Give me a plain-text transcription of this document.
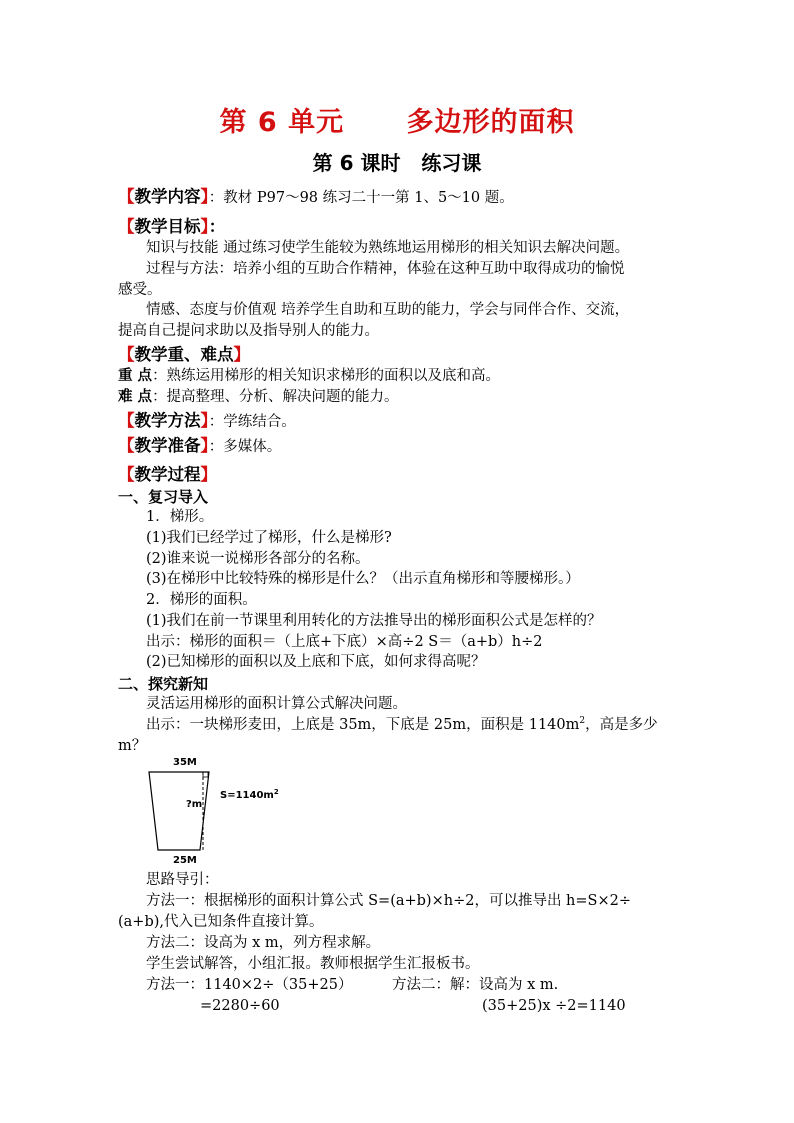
第 6 单元      多边形的面积
第 6 课时   练习课
【教学内容】：教材 P97～98 练习二十一第 1、5～10 题。
【教学目标】：
知识与技能 通过练习使学生能较为熟练地运用梯形的相关知识去解决问题。
过程与方法：培养小组的互助合作精神，体验在这种互助中取得成功的愉悦
感受。
情感、态度与价值观 培养学生自助和互助的能力，学会与同伴合作、交流，
提高自己提问求助以及指导别人的能力。
【教学重、难点】
重 点：熟练运用梯形的相关知识求梯形的面积以及底和高。
难 点：提高整理、分析、解决问题的能力。
【教学方法】：学练结合。
【教学准备】：多媒体。
【教学过程】
一、复习导入
1．梯形。
(1)我们已经学过了梯形，什么是梯形?
(2)谁来说一说梯形各部分的名称。
(3)在梯形中比较特殊的梯形是什么？（出示直角梯形和等腰梯形。）
2．梯形的面积。
(1)我们在前一节课里利用转化的方法推导出的梯形面积公式是怎样的？
出示：梯形的面积＝（上底+下底）×高÷2 S＝（a+b）h÷2
(2)已知梯形的面积以及上底和下底，如何求得高呢？
二、探究新知
灵活运用梯形的面积计算公式解决问题。
出示：一块梯形麦田，上底是 35m，下底是 25m，面积是 $1140m^2$，高是多少
m？
35M
?m
$S=1140m^2$
25M
思路导引：
方法一：根据梯形的面积计算公式 S=(a+b)×h÷2，可以推导出 h=S×2÷
(a+b),代入已知条件直接计算。
方法二：设高为 x m，列方程求解。
学生尝试解答，小组汇报。教师根据学生汇报板书。
方法一：1140×2÷（35+25）	方法二：解：设高为 x m.
=2280÷60	(35+25)x ÷2=1140
